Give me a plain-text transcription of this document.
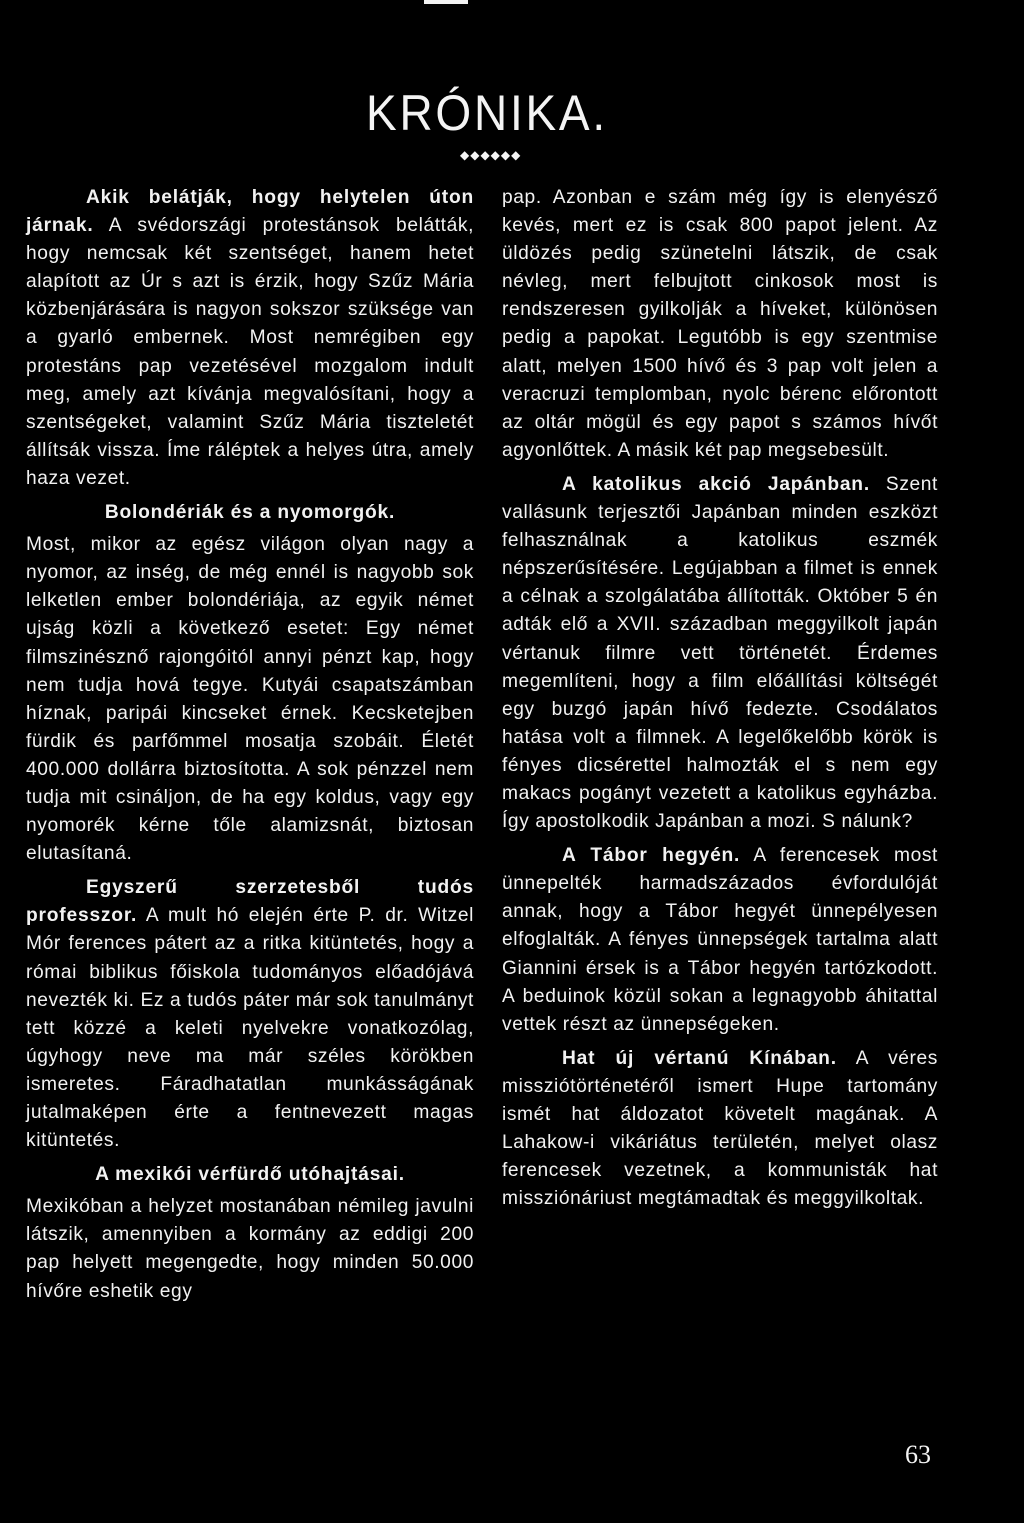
KRÓNIKA.
◆◆◆◆◆◆

Akik belátják, hogy helytelen úton járnak. A svédországi protestánsok belátták, hogy nemcsak két szentséget, hanem hetet alapított az Úr s azt is érzik, hogy Szűz Mária közbenjárására is nagyon sokszor szüksége van a gyarló embernek. Most nemrégiben egy protestáns pap vezetésével mozgalom indult meg, amely azt kívánja megvalósítani, hogy a szentségeket, valamint Szűz Mária tiszteletét állítsák vissza. Íme ráléptek a helyes útra, amely haza vezet.

Bolondériák és a nyomorgók.

Most, mikor az egész világon olyan nagy a nyomor, az inség, de még ennél is nagyobb sok lelketlen ember bolondériája, az egyik német ujság közli a következő esetet: Egy német filmszinésznő rajongóitól annyi pénzt kap, hogy nem tudja hová tegye. Kutyái csapatszámban híznak, paripái kincseket érnek. Kecsketejben fürdik és parfőmmel mosatja szobáit. Életét 400.000 dollárra biztosította. A sok pénzzel nem tudja mit csináljon, de ha egy koldus, vagy egy nyomorék kérne tőle alamizsnát, biztosan elutasítaná.

Egyszerű szerzetesből tudós professzor. A mult hó elején érte P. dr. Witzel Mór ferences pátert az a ritka kitüntetés, hogy a római biblikus főiskola tudományos előadójává nevezték ki. Ez a tudós páter már sok tanulmányt tett közzé a keleti nyelvekre vonatkozólag, úgyhogy neve ma már széles körökben ismeretes. Fáradhatatlan munkásságának jutalmaképen érte a fentnevezett magas kitüntetés.

A mexikói vérfürdő utóhajtásai.

Mexikóban a helyzet mostanában némileg javulni látszik, amennyiben a kormány az eddigi 200 pap helyett megengedte, hogy minden 50.000 hívőre eshetik egy

pap. Azonban e szám még így is elenyésző kevés, mert ez is csak 800 papot jelent. Az üldözés pedig szünetelni látszik, de csak névleg, mert felbujtott cinkosok most is rendszeresen gyilkolják a híveket, különösen pedig a papokat. Legutóbb is egy szentmise alatt, melyen 1500 hívő és 3 pap volt jelen a veracruzi templomban, nyolc bérenc előrontott az oltár mögül és egy papot s számos hívőt agyonlőttek. A másik két pap megsebesült.

A katolikus akció Japánban. Szent vallásunk terjesztői Japánban minden eszközt felhasználnak a katolikus eszmék népszerűsítésére. Legújabban a filmet is ennek a célnak a szolgálatába állították. Október 5 én adták elő a XVII. században meggyilkolt japán vértanuk filmre vett történetét. Érdemes megemlíteni, hogy a film előállítási költségét egy buzgó japán hívő fedezte. Csodálatos hatása volt a filmnek. A legelőkelőbb körök is fényes dicsérettel halmozták el s nem egy makacs pogányt vezetett a katolikus egyházba. Így apostolkodik Japánban a mozi. S nálunk?

A Tábor hegyén. A ferencesek most ünnepelték harmadszázados évfordulóját annak, hogy a Tábor hegyét ünnepélyesen elfoglalták. A fényes ünnepségek tartalma alatt Giannini érsek is a Tábor hegyén tartózkodott. A beduinok közül sokan a legnagyobb áhitattal vettek részt az ünnepségeken.

Hat új vértanú Kínában. A véres missziótörténetéről ismert Hupe tartomány ismét hat áldozatot követelt magának. A Lahakow-i vikáriátus területén, melyet olasz ferencesek vezetnek, a kommunisták hat missziónáriust megtámadtak és meggyilkoltak.

63
